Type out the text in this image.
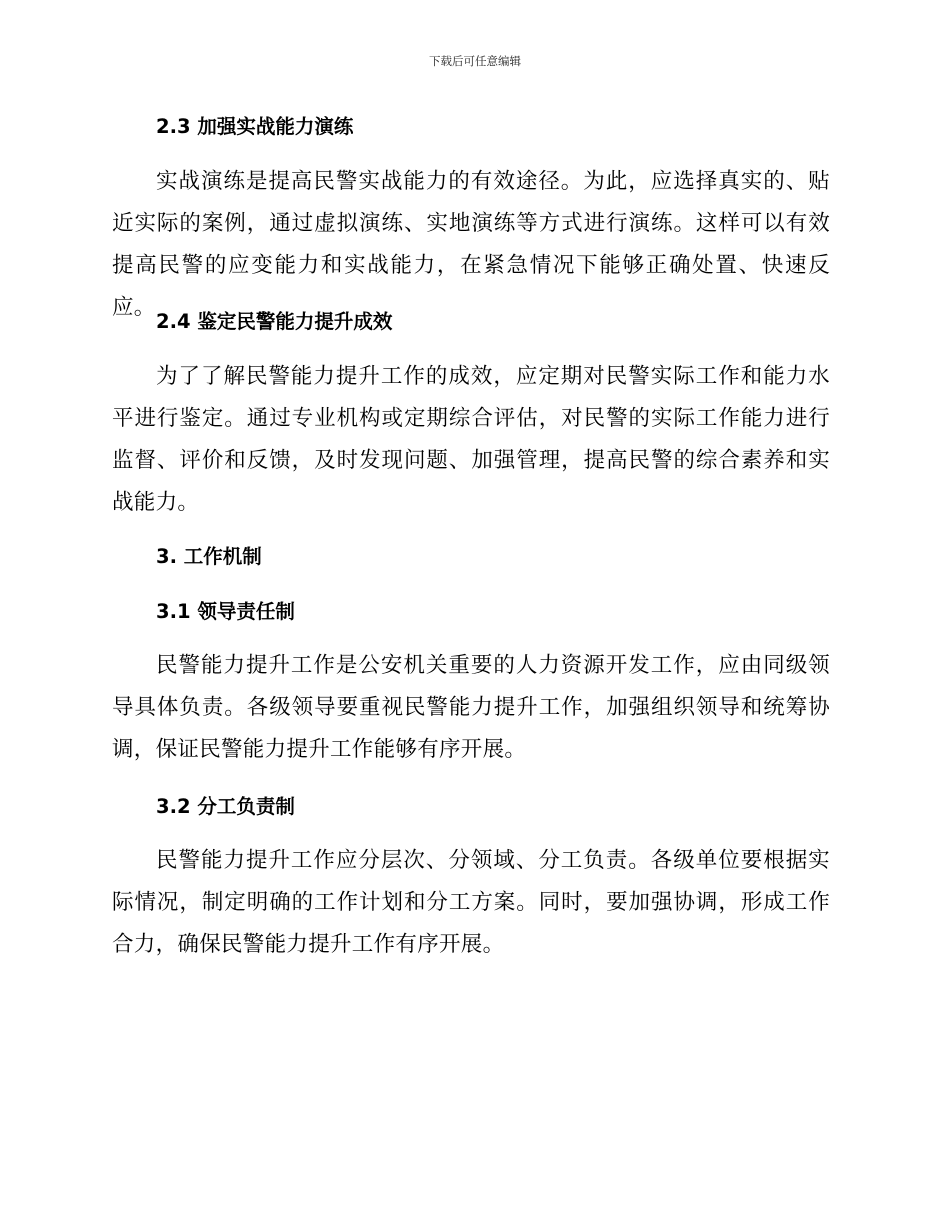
下载后可任意编辑
2.3 加强实战能力演练
实战演练是提高民警实战能力的有效途径。为此，应选择真实的、贴近实际的案例，通过虚拟演练、实地演练等方式进行演练。这样可以有效提高民警的应变能力和实战能力，在紧急情况下能够正确处置、快速反应。
2.4 鉴定民警能力提升成效
为了了解民警能力提升工作的成效，应定期对民警实际工作和能力水平进行鉴定。通过专业机构或定期综合评估，对民警的实际工作能力进行监督、评价和反馈，及时发现问题、加强管理，提高民警的综合素养和实战能力。
3. 工作机制
3.1 领导责任制
民警能力提升工作是公安机关重要的人力资源开发工作，应由同级领导具体负责。各级领导要重视民警能力提升工作，加强组织领导和统筹协调，保证民警能力提升工作能够有序开展。
3.2 分工负责制
民警能力提升工作应分层次、分领域、分工负责。各级单位要根据实际情况，制定明确的工作计划和分工方案。同时，要加强协调，形成工作合力，确保民警能力提升工作有序开展。
